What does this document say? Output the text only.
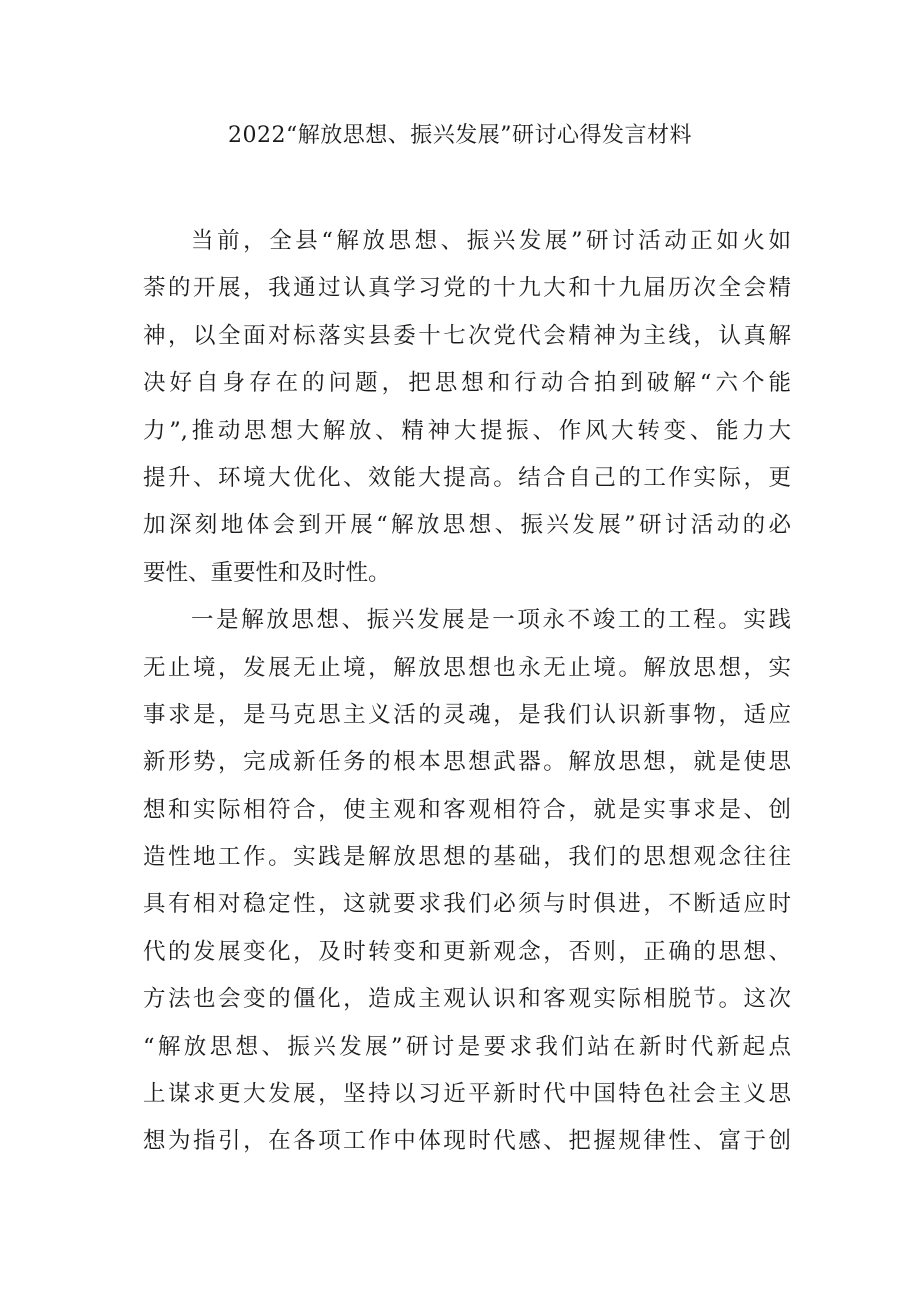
2022“解放思想、振兴发展”研讨心得发言材料
当前，全县“解放思想、振兴发展”研讨活动正如火如
荼的开展，我通过认真学习党的十九大和十九届历次全会精
神，以全面对标落实县委十七次党代会精神为主线，认真解
决好自身存在的问题，把思想和行动合拍到破解“六个能
力”,推动思想大解放、精神大提振、作风大转变、能力大
提升、环境大优化、效能大提高。结合自己的工作实际，更
加深刻地体会到开展“解放思想、振兴发展”研讨活动的必
要性、重要性和及时性。
一是解放思想、振兴发展是一项永不竣工的工程。实践
无止境，发展无止境，解放思想也永无止境。解放思想，实
事求是，是马克思主义活的灵魂，是我们认识新事物，适应
新形势，完成新任务的根本思想武器。解放思想，就是使思
想和实际相符合，使主观和客观相符合，就是实事求是、创
造性地工作。实践是解放思想的基础，我们的思想观念往往
具有相对稳定性，这就要求我们必须与时俱进，不断适应时
代的发展变化，及时转变和更新观念，否则，正确的思想、
方法也会变的僵化，造成主观认识和客观实际相脱节。这次
“解放思想、振兴发展”研讨是要求我们站在新时代新起点
上谋求更大发展，坚持以习近平新时代中国特色社会主义思
想为指引，在各项工作中体现时代感、把握规律性、富于创
